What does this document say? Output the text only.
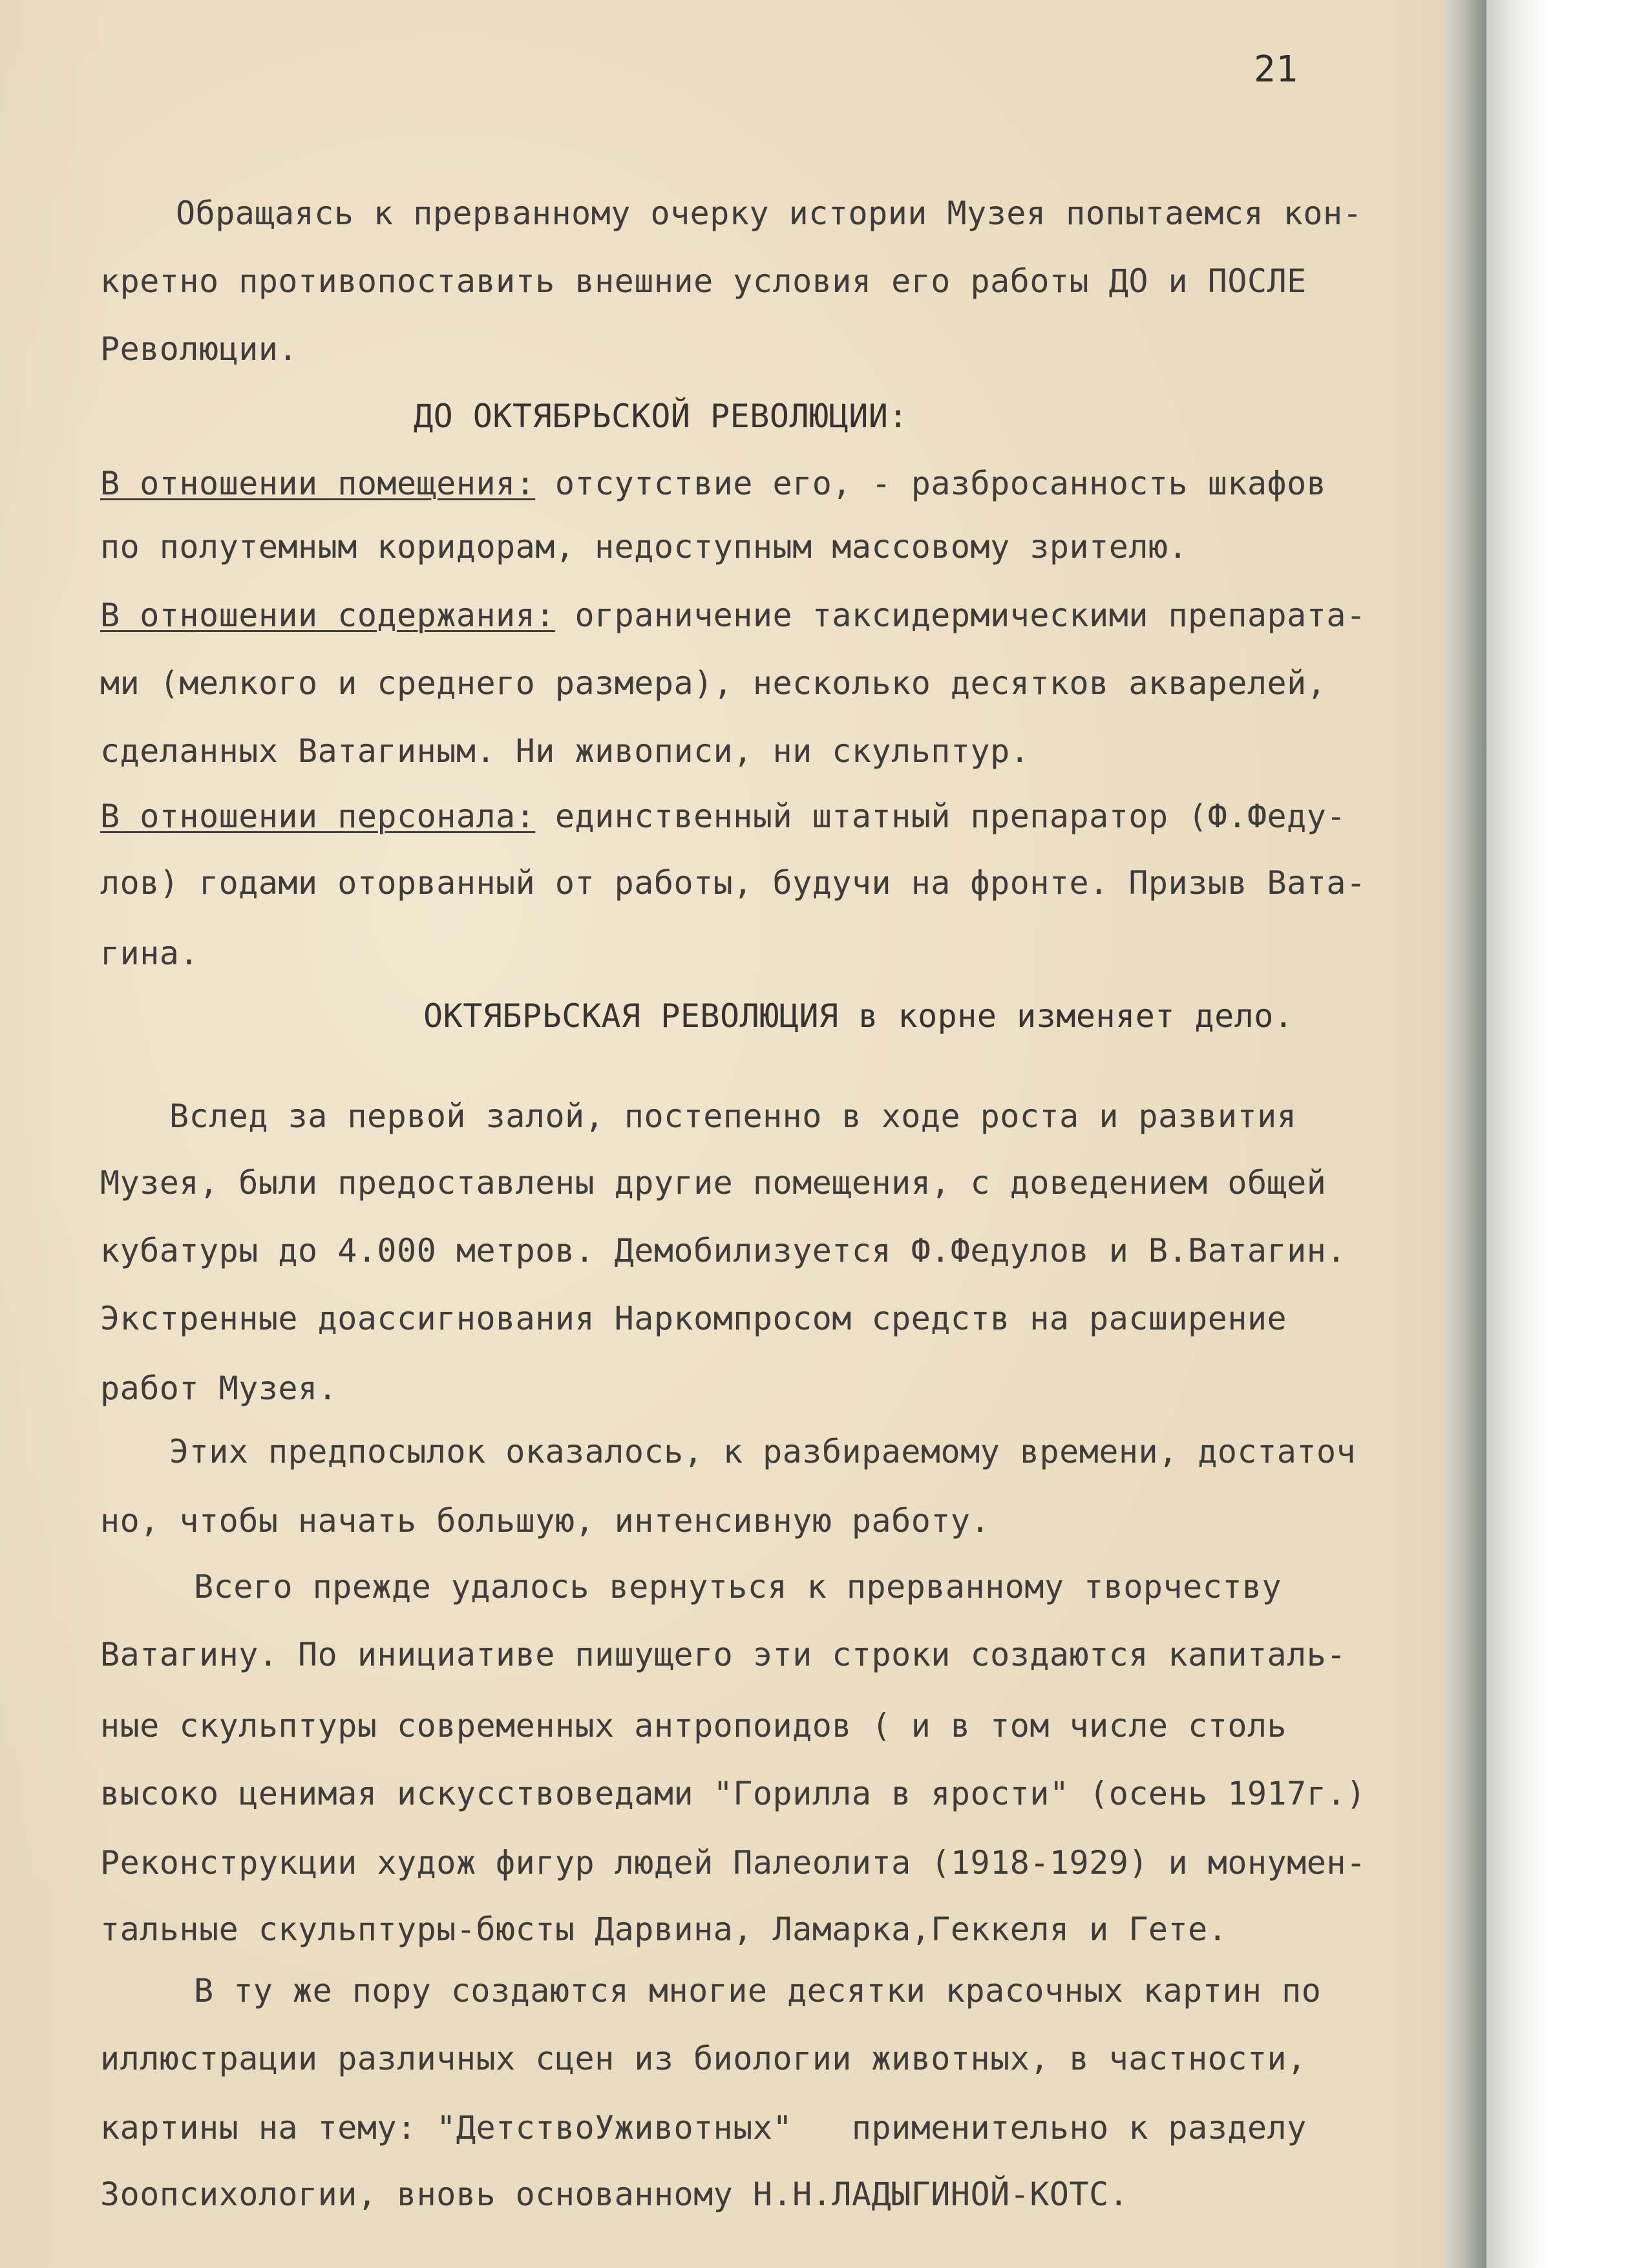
21
Обращаясь к прерванному очерку истории Музея попытаемся кон-
кретно противопоставить внешние условия его работы ДО и ПОСЛЕ
Революции.
ДО ОКТЯБРЬСКОЙ РЕВОЛЮЦИИ:
В отношении помещения: отсутствие его, - разбросанность шкафов
по полутемным коридорам, недоступным массовому зрителю.
В отношении содержания: ограничение таксидермическими препарата-
ми (мелкого и среднего размера), несколько десятков акварелей,
сделанных Ватагиным. Ни живописи, ни скульптур.
В отношении персонала: единственный штатный препаратор (Ф.Феду-
лов) годами оторванный от работы, будучи на фронте. Призыв Вата-
гина.
ОКТЯБРЬСКАЯ РЕВОЛЮЦИЯ в корне изменяет дело.
Вслед за первой залой, постепенно в ходе роста и развития
Музея, были предоставлены другие помещения, с доведением общей
кубатуры до 4.000 метров. Демобилизуется Ф.Федулов и В.Ватагин.
Экстренные доассигнования Наркомпросом средств на расширение
работ Музея.
Этих предпосылок оказалось, к разбираемому времени, достаточ
но, чтобы начать большую, интенсивную работу.
Всего прежде удалось вернуться к прерванному творчеству
Ватагину. По инициативе пишущего эти строки создаются капиталь-
ные скульптуры современных антропоидов ( и в том числе столь
высоко ценимая искусствоведами "Горилла в ярости" (осень 1917г.)
Реконструкции худож фигур людей Палеолита (1918-1929) и монумен-
тальные скульптуры-бюсты Дарвина, Ламарка,Геккеля и Гете.
В ту же пору создаются многие десятки красочных картин по
иллюстрации различных сцен из биологии животных, в частности,
картины на тему: "ДетствоУживотных"   применительно к разделу
Зоопсихологии, вновь основанному Н.Н.ЛАДЫГИНОЙ-КОТС.
